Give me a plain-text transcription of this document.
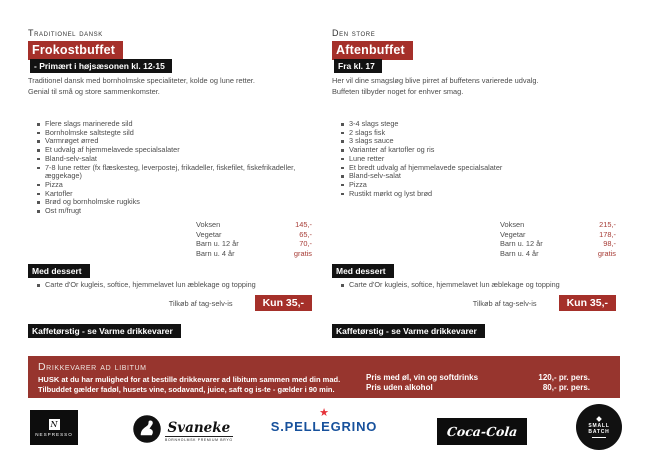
Traditionel dansk
Frokostbuffet
- Primært i højsæsonen kl. 12-15
Traditionel dansk med bornholmske specialiteter, kolde og lune retter.
Genial til små og store sammenkomster.
Flere slags marinerede sild
Bornholmske saltstegte sild
Varmrøget ørred
Et udvalg af hjemmelavede specialsalater
Bland-selv-salat
7-8 lune retter (fx flæskesteg, leverpostej, frikadeller, fiskefilet, fiskefrikadeller, æggekage)
Pizza
Kartofler
Brød og bornholmske rugkiks
Ost m/frugt
Voksen	145,-
Vegetar	65,-
Barn u. 12 år	70,-
Barn u. 4 år	gratis
Med dessert
Carte d'Or kugleis, softice, hjemmelavet lun æblekage og topping
Tilkøb af tag-selv-is	Kun 35,-
Kaffetørstig - se Varme drikkevarer
Den store
Aftenbuffet
Fra kl. 17
Her vil dine smagsløg blive pirret af buffetens varierede udvalg.
Buffeten tilbyder noget for enhver smag.
3-4 slags stege
2 slags fisk
3 slags sauce
Varianter af kartofler og ris
Lune retter
Et bredt udvalg af hjemmelavede specialsalater
Bland-selv-salat
Pizza
Rustikt mørkt og lyst brød
Voksen	215,-
Vegetar	178,-
Barn u. 12 år	98,-
Barn u. 4 år	gratis
Med dessert
Carte d'Or kugleis, softice, hjemmelavet lun æblekage og topping
Tilkøb af tag-selv-is	Kun 35,-
Kaffetørstig - se Varme drikkevarer
Drikkevarer ad libitum
HUSK at du har mulighed for at bestille drikkevarer ad libitum sammen med din mad.
Tilbuddet gælder fadøl, husets vine, sodavand, juice, saft og is-te - gælder i 90 min.
Pris med øl, vin og softdrinks	120,- pr. pers.
Pris uden alkohol	80,- pr. pers.
N
NESPRESSO	Svaneke
BORNHOLMSK PREMIUM BRYG
★
S.PELLEGRINO	Coca-Cola	SMALL
BATCH
